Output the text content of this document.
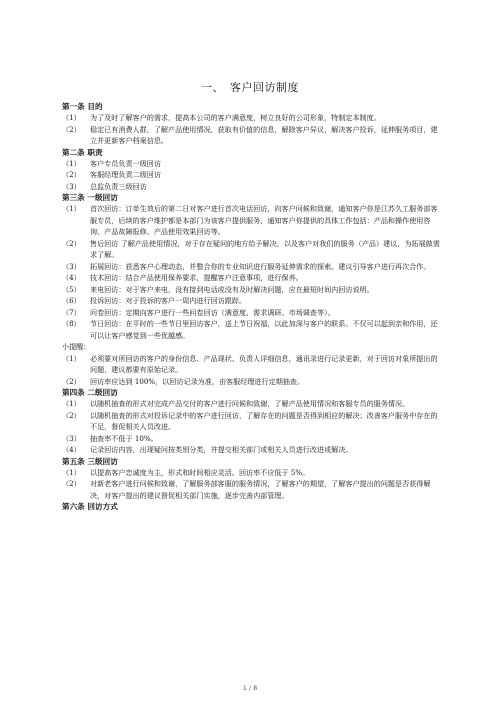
一、　客户回访制度
第一条 目的
（1）	为了及时了解客户的需求，提高本公司的客户满意度，树立良好的公司形象，特制定本制度。
（2）	稳定已有消费人群，了解产品使用情况，获取有价值的信息，解除客户异议，解决客户投诉，延伸服务项目，建立并更新客户档案信息。
第二条 职责
（1）	客户专员负责一级回访
（2）	客服经理负责二级回访
（3）	总监负责三级回访
第三条 一级回访
（1）	首次回访：订单生效后的第二日对客户进行首次电话回访，向客户问候和致谢，通知客户你是江苏久工服务部客服专员，后续的客户维护都是本部门为该客户提供服务，通知客户你提供的具体工作包括：产品和操作使用咨询、产品故障报修、产品使用效果回访等。
（2）	售后回访 了解产品使用情况，对于存在疑问的地方给予解决，以及客户对我们的服务（产品）建议，为拓展做需求了解。
（3）	拓展回访：获悉客户心理动态，并整合你的专业知识进行服务延伸需求的探索。建议引导客户进行再次合作。
（4）	技术回访：结合产品使用保养要求，提醒客户注意事项，进行保养。
（5）	来电回访：对于客户来电，没有接到电话或没有及时解决问题，应在最短时间内回访说明。
（6）	投诉回访：对于投诉的客户一周内进行回访跟踪。
（7）	问卷回访：定期向客户进行一些问卷回访（满意度、需求调研、市场调查等）。
（8）	节日回访：在平时的一些节日里回访客户，送上节日祝福，以此加深与客户的联系。不仅可以起到亲和作用，还可以让客户感觉到一些优越感。
小提醒：
（1）	必须要对所回访的客户的身份信息、产品现状、负责人详细信息，通讯录进行记录更新，对于回访对象所提出的问题，建议都要有原始记录。
（2）	回访率应达到 100%，以回访记录为准，由客服经理进行定期抽查。
第四条 二级回访
（1）	以随机抽查的形式对完成产品交付的客户进行问候和致谢，了解产品使用情况和客服专员的服务情况。
（2）	以随机抽查的形式对投诉记录中的客户进行回访，了解存在的问题是否得到相应的解决；改善客户服务中存在的不足，督促相关人员改进。
（3）	抽查率不低于 10%。
（4）	记录回访内容，出现疑问按类别分类，并提交相关部门或相关人员进行改进或解决。
第五条 三级回访
（1）	以提高客户忠诚度为主，形式和时间相应灵活。回访率不应低于 5%。
（2）	对新老客户进行问候和致谢，了解服务部客服的服务情况，了解客户的期望，了解客户提出的问题是否获得解决，对客户提出的建议督促相关部门实施，逐步完善内部管理。
第六条 回访方式
1 / 8
